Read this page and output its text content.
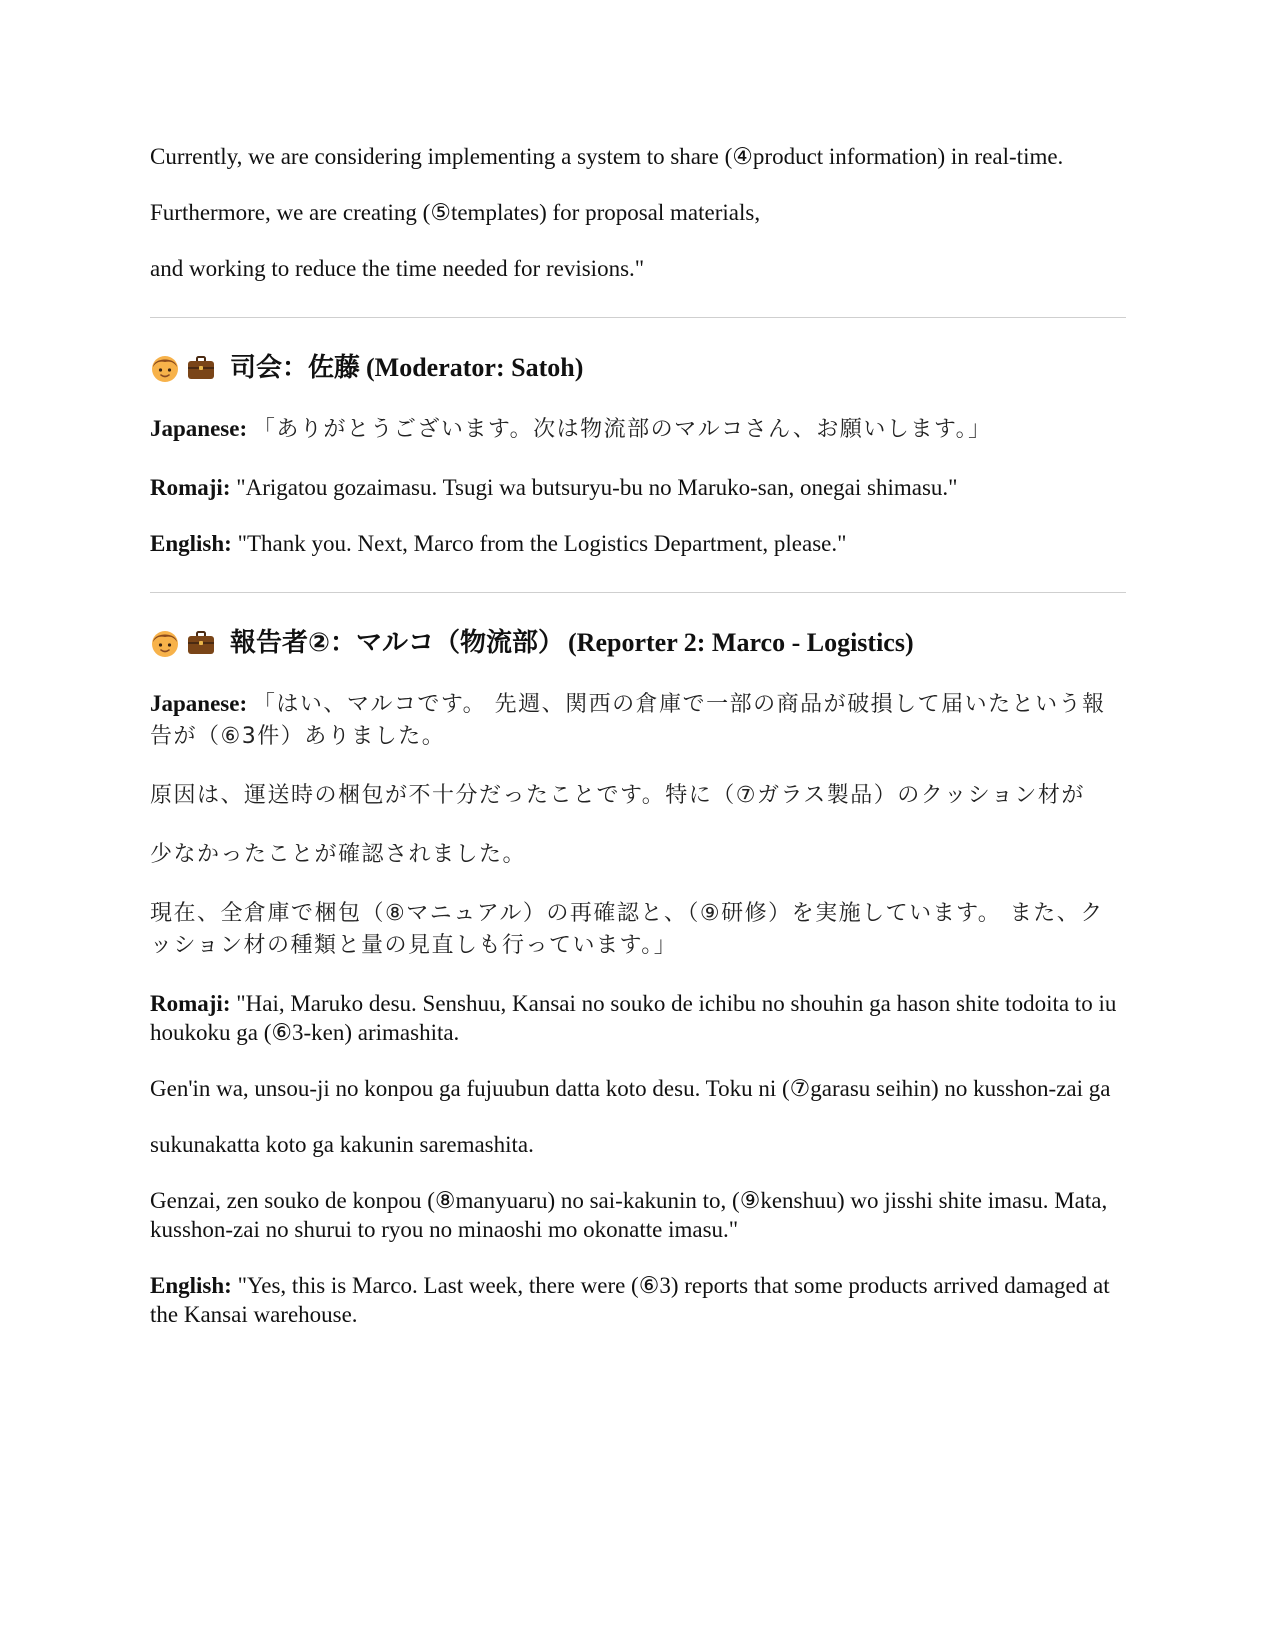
Currently, we are considering implementing a system to share (④product information) in real-time.

Furthermore, we are creating (⑤templates) for proposal materials,

and working to reduce the time needed for revisions."

司会：佐藤 (Moderator: Satoh)

Japanese: 「ありがとうございます。次は物流部のマルコさん、お願いします。」

Romaji: "Arigatou gozaimasu. Tsugi wa butsuryu-bu no Maruko-san, onegai shimasu."

English: "Thank you. Next, Marco from the Logistics Department, please."

報告者②：マルコ（物流部） (Reporter 2: Marco - Logistics)

Japanese: 「はい、マルコです。 先週、関西の倉庫で一部の商品が破損して届いたという報告が（⑥3件）ありました。

原因は、運送時の梱包が不十分だったことです。特に（⑦ガラス製品）のクッション材が

少なかったことが確認されました。

現在、全倉庫で梱包（⑧マニュアル）の再確認と、（⑨研修）を実施しています。 また、クッション材の種類と量の見直しも行っています。」

Romaji: "Hai, Maruko desu. Senshuu, Kansai no souko de ichibu no shouhin ga hason shite todoita to iu houkoku ga (⑥3-ken) arimashita.

Gen'in wa, unsou-ji no konpou ga fujuubun datta koto desu. Toku ni (⑦garasu seihin) no kusshon-zai ga

sukunakatta koto ga kakunin saremashita.

Genzai, zen souko de konpou (⑧manyuaru) no sai-kakunin to, (⑨kenshuu) wo jisshi shite imasu. Mata, kusshon-zai no shurui to ryou no minaoshi mo okonatte imasu."

English: "Yes, this is Marco. Last week, there were (⑥3) reports that some products arrived damaged at the Kansai warehouse.
